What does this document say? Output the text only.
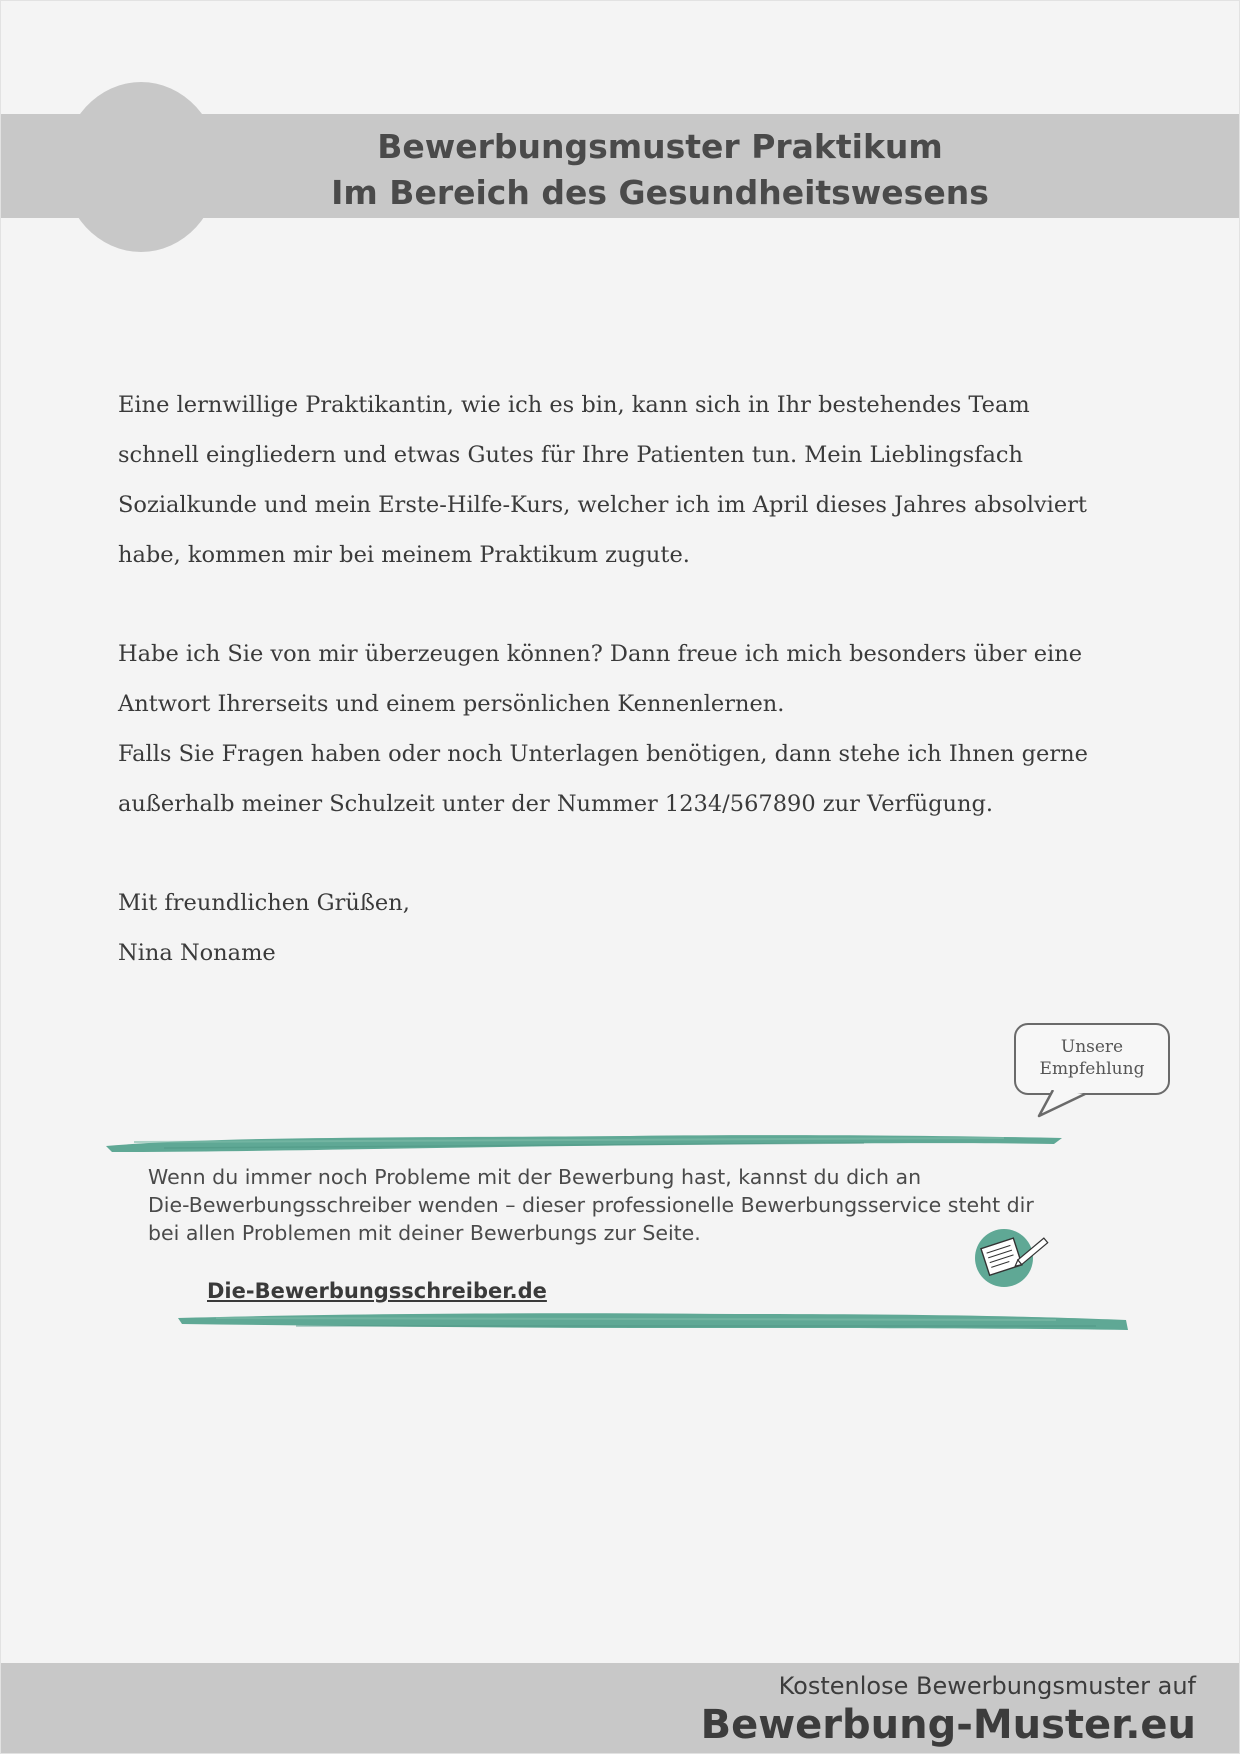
Bewerbungsmuster Praktikum
Im Bereich des Gesundheitswesens

Eine lernwillige Praktikantin, wie ich es bin, kann sich in Ihr bestehendes Team

schnell eingliedern und etwas Gutes für Ihre Patienten tun. Mein Lieblingsfach

Sozialkunde und mein Erste-Hilfe-Kurs, welcher ich im April dieses Jahres absolviert

habe, kommen mir bei meinem Praktikum zugute.

Habe ich Sie von mir überzeugen können? Dann freue ich mich besonders über eine

Antwort Ihrerseits und einem persönlichen Kennenlernen.

Falls Sie Fragen haben oder noch Unterlagen benötigen, dann stehe ich Ihnen gerne

außerhalb meiner Schulzeit unter der Nummer 1234/567890 zur Verfügung.

Mit freundlichen Grüßen,

Nina Noname

Unsere
Empfehlung
Wenn du immer noch Probleme mit der Bewerbung hast, kannst du dich an
Die-Bewerbungsschreiber wenden – dieser professionelle Bewerbungsservice steht dir
bei allen Problemen mit deiner Bewerbungs zur Seite.
Die-Bewerbungsschreiber.de
Kostenlose Bewerbungsmuster auf
Bewerbung-Muster.eu
